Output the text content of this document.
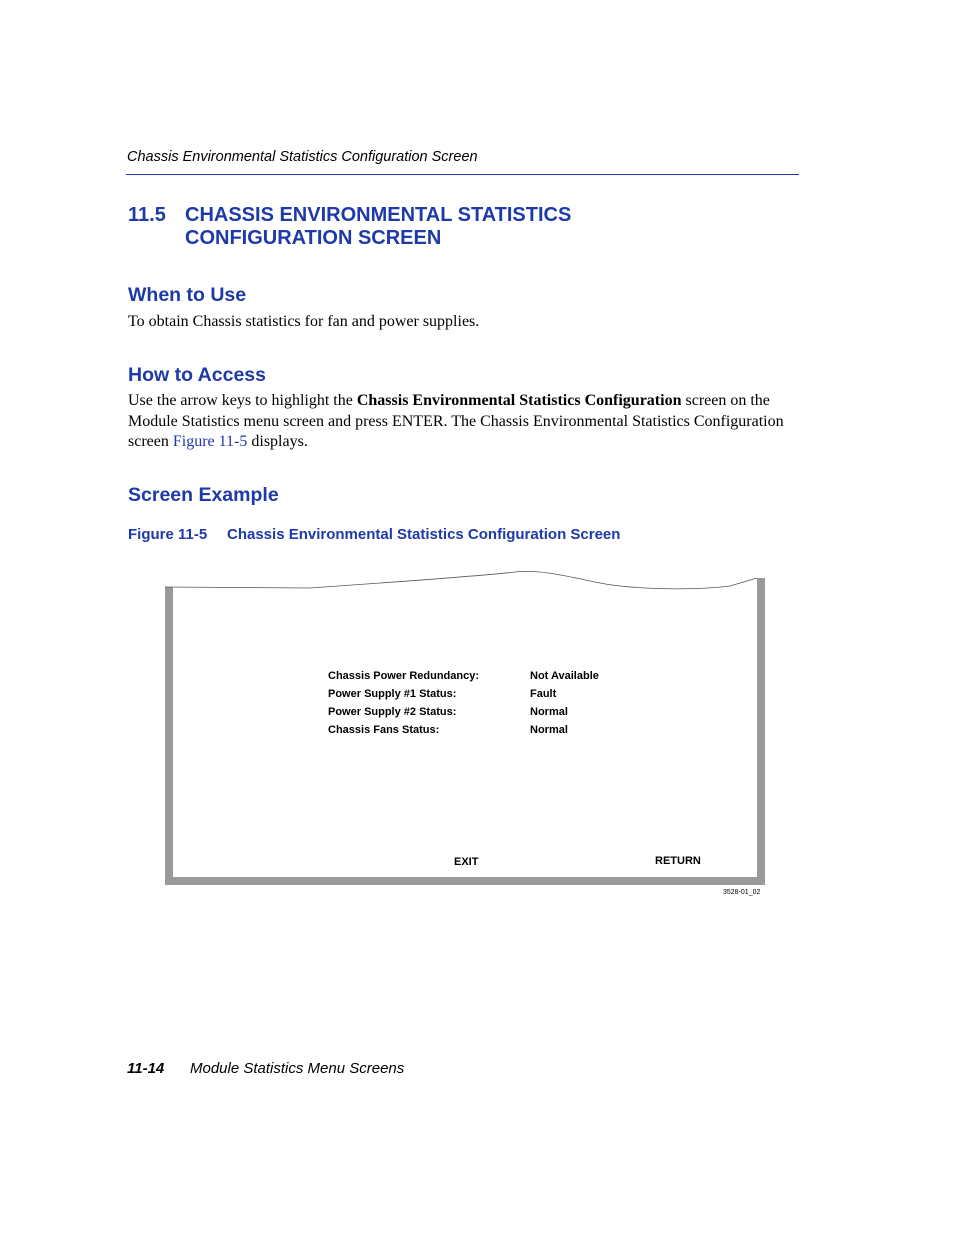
Chassis Environmental Statistics Configuration Screen
11.5 CHASSIS ENVIRONMENTAL STATISTICS
CONFIGURATION SCREEN
When to Use
To obtain Chassis statistics for fan and power supplies.
How to Access
Use the arrow keys to highlight the Chassis Environmental Statistics Configuration screen on the Module Statistics menu screen and press ENTER. The Chassis Environmental Statistics Configuration screen Figure 11-5 displays.
Screen Example
Figure 11-5 Chassis Environmental Statistics Configuration Screen
Chassis Power Redundancy:	Not Available
Power Supply #1 Status:	Fault
Power Supply #2 Status:	Normal
Chassis Fans Status:	Normal
EXIT	RETURN
3528-01_02
11-14 Module Statistics Menu Screens
